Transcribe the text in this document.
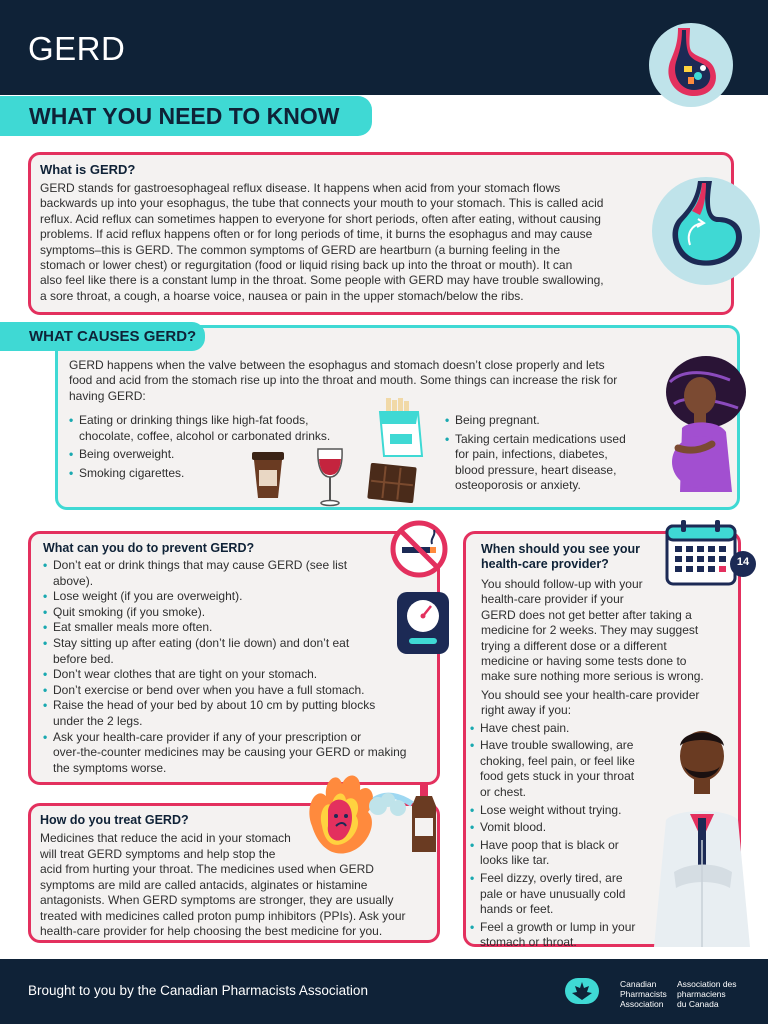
GERD
WHAT YOU NEED TO KNOW
What is GERD?
GERD stands for gastroesophageal reflux disease. It happens when acid from your stomach flows
backwards up into your esophagus, the tube that connects your mouth to your stomach. This is called acid
reflux. Acid reflux can sometimes happen to everyone for short periods, often after eating, without causing
problems. If acid reflux happens often or for long periods of time, it burns the esophagus and may cause
symptoms–this is GERD. The common symptoms of GERD are heartburn (a burning feeling in the
stomach or lower chest) or regurgitation (food or liquid rising back up into the throat or mouth). It can
also feel like there is a constant lump in the throat. Some people with GERD may have trouble swallowing,
a sore throat, a cough, a hoarse voice, nausea or pain in the upper stomach/below the ribs.
WHAT CAUSES GERD?
GERD happens when the valve between the esophagus and stomach doesn’t close properly and lets
food and acid from the stomach rise up into the throat and mouth. Some things can increase the risk for
having GERD:
• Eating or drinking things like high-fat foods,
chocolate, coffee, alcohol or carbonated drinks.
• Being overweight.
• Smoking cigarettes.
• Being pregnant.
• Taking certain medications used
for pain, infections, diabetes,
blood pressure, heart disease,
osteoporosis or anxiety.
What can you do to prevent GERD?
• Don’t eat or drink things that may cause GERD (see list
above).
• Lose weight (if you are overweight).
• Quit smoking (if you smoke).
• Eat smaller meals more often.
• Stay sitting up after eating (don’t lie down) and don’t eat
before bed.
• Don’t wear clothes that are tight on your stomach.
• Don’t exercise or bend over when you have a full stomach.
• Raise the head of your bed by about 10 cm by putting blocks
under the 2 legs.
• Ask your health-care provider if any of your prescription or
over-the-counter medicines may be causing your GERD or making
the symptoms worse.
How do you treat GERD?
Medicines that reduce the acid in your stomach
will treat GERD symptoms and help stop the
acid from hurting your throat. The medicines used when GERD
symptoms are mild are called antacids, alginates or histamine
antagonists. When GERD symptoms are stronger, they are usually
treated with medicines called proton pump inhibitors (PPIs). Ask your
health-care provider for help choosing the best medicine for you.
When should you see your
health-care provider?
You should follow-up with your
health-care provider if your
GERD does not get better after taking a
medicine for 2 weeks. They may suggest
trying a different dose or a different
medicine or having some tests done to
make sure nothing more serious is wrong.
You should see your health-care provider
right away if you:
• Have chest pain.
• Have trouble swallowing, are
choking, feel pain, or feel like
food gets stuck in your throat
or chest.
• Lose weight without trying.
• Vomit blood.
• Have poop that is black or
looks like tar.
• Feel dizzy, overly tired, are
pale or have unusually cold
hands or feet.
• Feel a growth or lump in your
stomach or throat.
14
Brought to you by the Canadian Pharmacists Association	Canadian
Pharmacists
Association
Association des
pharmaciens
du Canada
